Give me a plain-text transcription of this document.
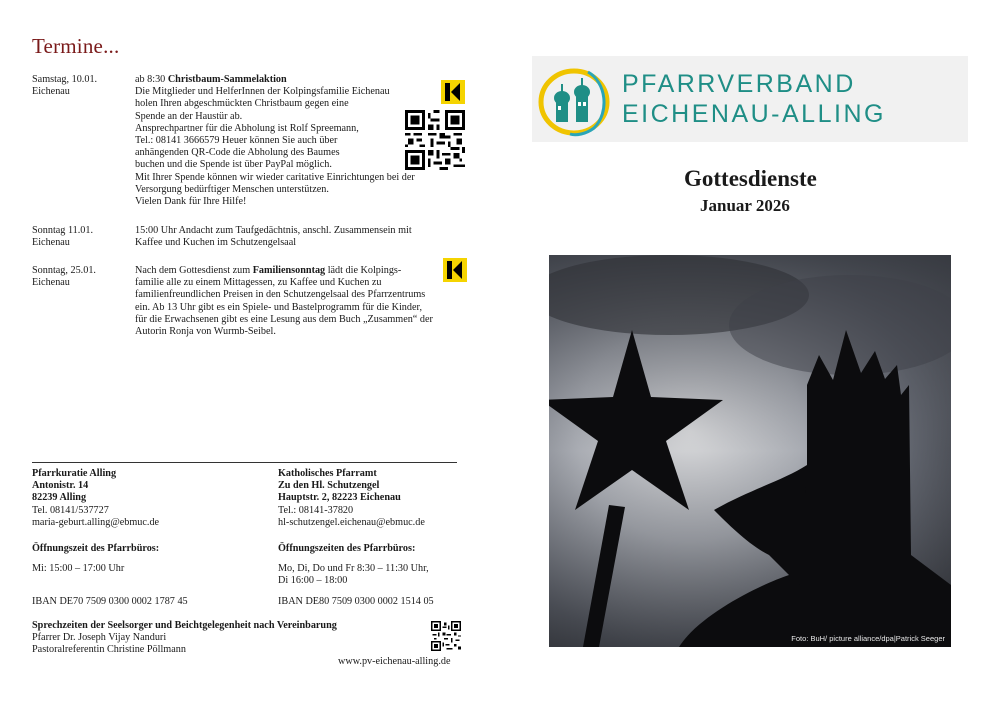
Termine...
Samstag, 10.01.
Eichenau
ab 8:30 Christbaum-Sammelaktion
Die Mitglieder und HelferInnen der Kolpingsfamilie Eichenau
holen Ihren abgeschmückten Christbaum gegen eine
Spende an der Haustür ab.
Ansprechpartner für die Abholung ist Rolf Spreemann,
Tel.: 08141 3666579 Heuer können Sie auch über
anhängenden QR-Code die Abholung des Baumes
buchen und die Spende ist über PayPal möglich.
Mit Ihrer Spende können wir wieder caritative Einrichtungen bei der
Versorgung bedürftiger Menschen unterstützen.
Vielen Dank für Ihre Hilfe!
Sonntag 11.01.
Eichenau
15:00 Uhr Andacht zum Taufgedächtnis, anschl. Zusammensein mit
Kaffee und Kuchen im Schutzengelsaal
Sonntag, 25.01.
Eichenau
Nach dem Gottesdienst zum Familiensonntag lädt die Kolpings-
familie alle zu einem Mittagessen, zu Kaffee und Kuchen zu
familienfreundlichen Preisen in den Schutzengelsaal des Pfarrzentrums
ein. Ab 13 Uhr gibt es ein Spiele- und Bastelprogramm für die Kinder,
für die Erwachsenen gibt es eine Lesung aus dem Buch „Zusammen“ der
Autorin Ronja von Wurmb-Seibel.
Pfarrkuratie Alling
Antonistr. 14
82239 Alling
Tel. 08141/537727
maria-geburt.alling@ebmuc.de
Öffnungszeit des Pfarrbüros:
Mi: 15:00 – 17:00 Uhr
IBAN DE70 7509 0300 0002 1787 45
Katholisches Pfarramt
Zu den Hl. Schutzengel
Hauptstr. 2, 82223 Eichenau
Tel.: 08141-37820
hl-schutzengel.eichenau@ebmuc.de
Öffnungszeiten des Pfarrbüros:
Mo, Di, Do und Fr 8:30 – 11:30 Uhr,
Di 16:00 – 18:00
IBAN DE80 7509 0300 0002 1514 05
Sprechzeiten der Seelsorger und Beichtgelegenheit nach Vereinbarung
Pfarrer Dr. Joseph Vijay Nanduri
Pastoralreferentin Christine Pöllmann
www.pv-eichenau-alling.de
PFARRVERBAND
EICHENAU-ALLING
Gottesdienste
Januar 2026
Foto: BuH/ picture alliance/dpa|Patrick Seeger
